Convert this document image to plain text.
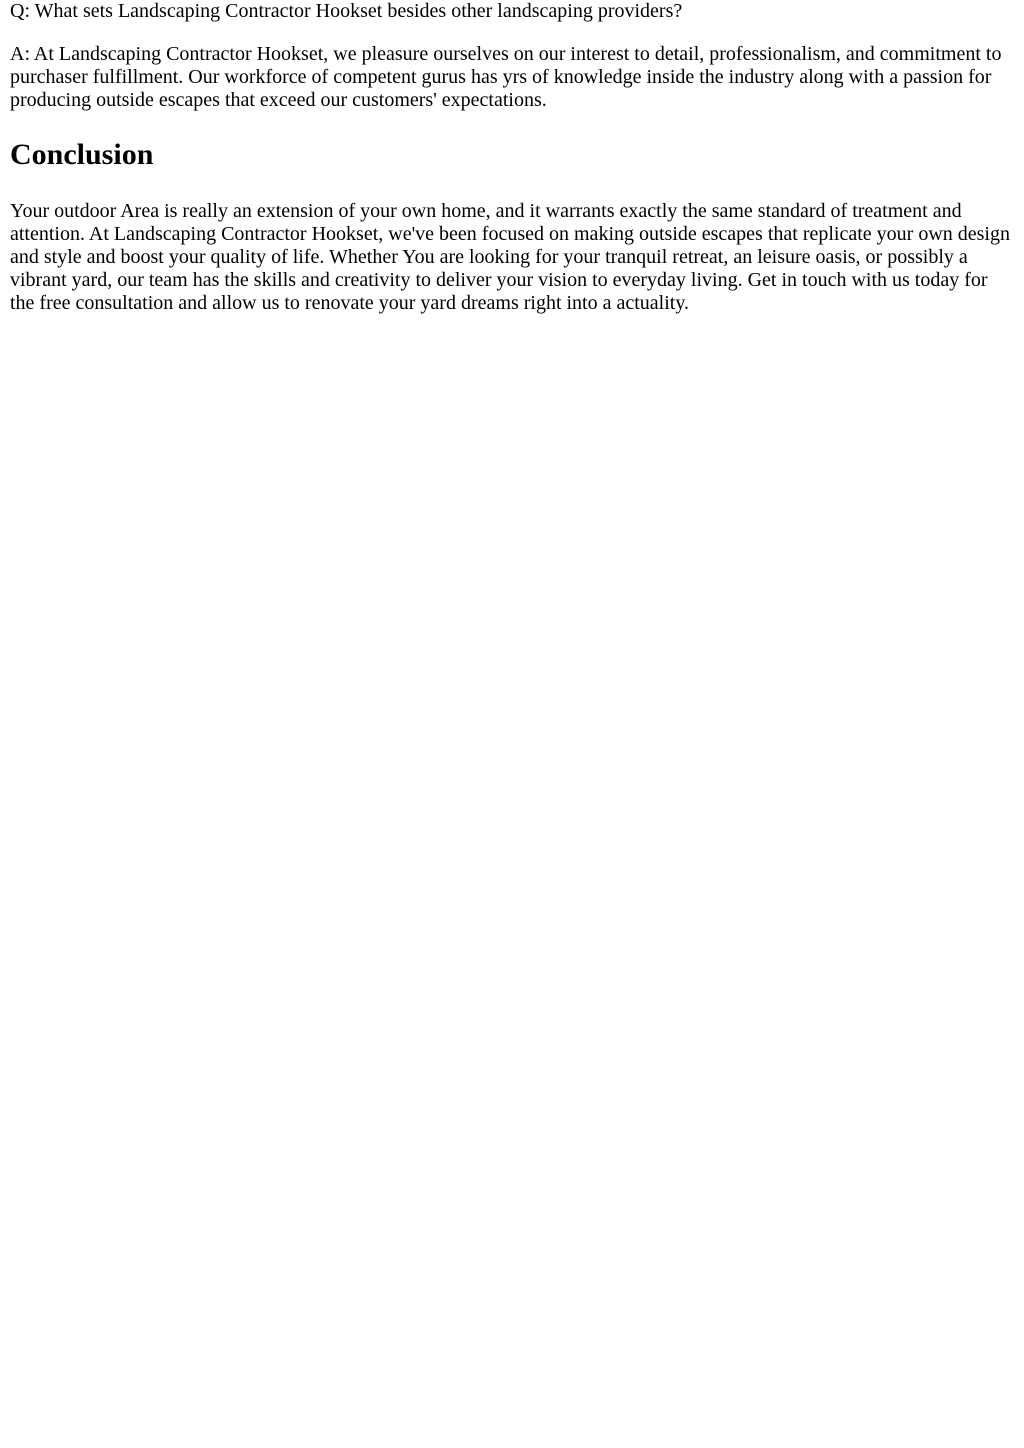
Q: What sets Landscaping Contractor Hookset besides other landscaping providers?

A: At Landscaping Contractor Hookset, we pleasure ourselves on our interest to detail, professionalism, and commitment to purchaser fulfillment. Our workforce of competent gurus has yrs of knowledge inside the industry along with a passion for producing outside escapes that exceed our customers' expectations.

Conclusion

Your outdoor Area is really an extension of your own home, and it warrants exactly the same standard of treatment and attention. At Landscaping Contractor Hookset, we've been focused on making outside escapes that replicate your own design and style and boost your quality of life. Whether You are looking for your tranquil retreat, an leisure oasis, or possibly a vibrant yard, our team has the skills and creativity to deliver your vision to everyday living. Get in touch with us today for the free consultation and allow us to renovate your yard dreams right into a actuality.
